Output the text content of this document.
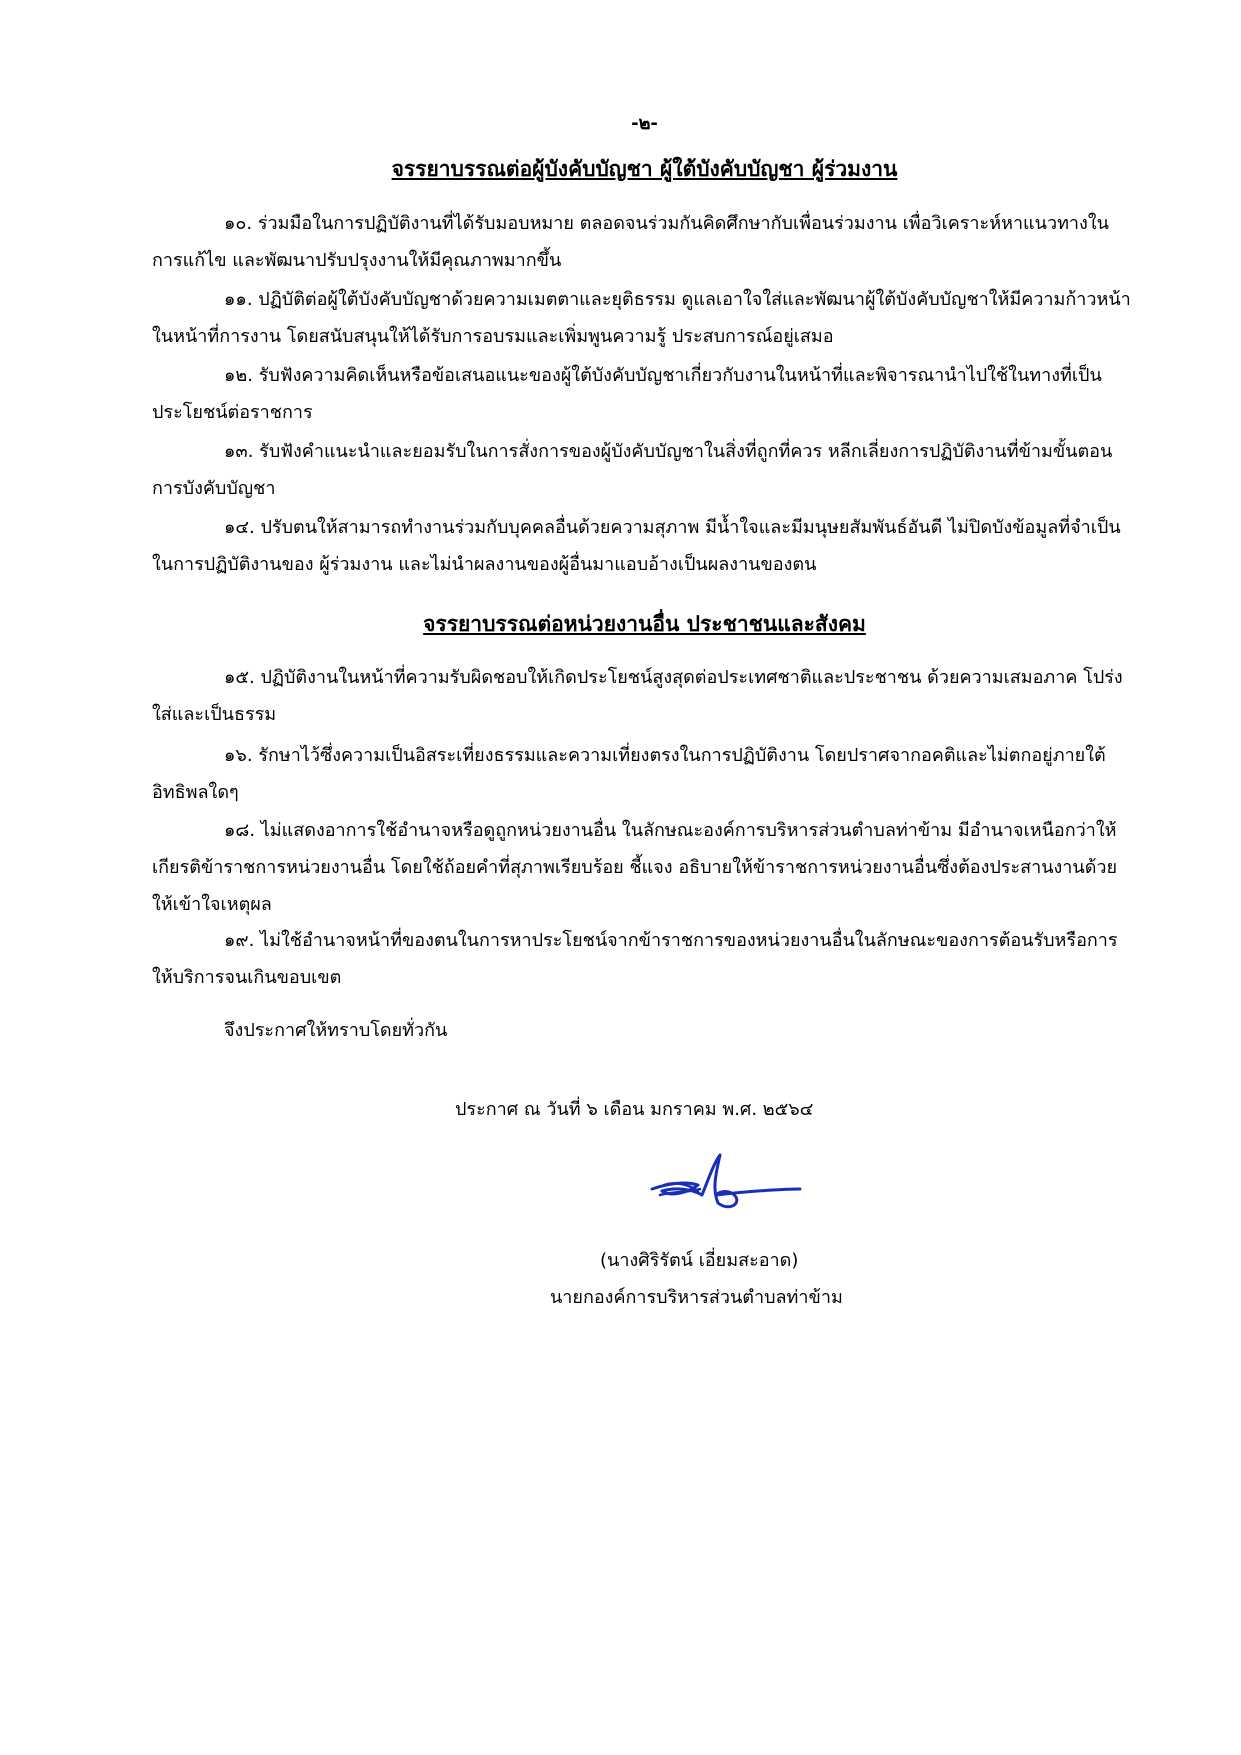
-๒-
จรรยาบรรณต่อผู้บังคับบัญชา ผู้ใต้บังคับบัญชา ผู้ร่วมงาน

๑๐. ร่วมมือในการปฏิบัติงานที่ได้รับมอบหมาย ตลอดจนร่วมกันคิดศึกษากับเพื่อนร่วมงาน เพื่อวิเคราะห์หาแนวทางในการแก้ไข และพัฒนาปรับปรุงงานให้มีคุณภาพมากขึ้น

๑๑. ปฏิบัติต่อผู้ใต้บังคับบัญชาด้วยความเมตตาและยุติธรรม ดูแลเอาใจใส่และพัฒนาผู้ใต้บังคับบัญชาให้มีความก้าวหน้าในหน้าที่การงาน โดยสนับสนุนให้ได้รับการอบรมและเพิ่มพูนความรู้ ประสบการณ์อยู่เสมอ

๑๒. รับฟังความคิดเห็นหรือข้อเสนอแนะของผู้ใต้บังคับบัญชาเกี่ยวกับงานในหน้าที่และพิจารณานำไปใช้ในทางที่เป็นประโยชน์ต่อราชการ

๑๓. รับฟังคำแนะนำและยอมรับในการสั่งการของผู้บังคับบัญชาในสิ่งที่ถูกที่ควร หลีกเลี่ยงการปฏิบัติงานที่ข้ามขั้นตอนการบังคับบัญชา

๑๔. ปรับตนให้สามารถทำงานร่วมกับบุคคลอื่นด้วยความสุภาพ มีน้ำใจและมีมนุษยสัมพันธ์อันดี ไม่ปิดบังข้อมูลที่จำเป็นในการปฏิบัติงานของ ผู้ร่วมงาน และไม่นำผลงานของผู้อื่นมาแอบอ้างเป็นผลงานของตน

จรรยาบรรณต่อหน่วยงานอื่น ประชาชนและสังคม

๑๕. ปฏิบัติงานในหน้าที่ความรับผิดชอบให้เกิดประโยชน์สูงสุดต่อประเทศชาติและประชาชน ด้วยความเสมอภาค โปร่งใส่และเป็นธรรม

๑๖. รักษาไว้ซึ่งความเป็นอิสระเที่ยงธรรมและความเที่ยงตรงในการปฏิบัติงาน โดยปราศจากอคติและไม่ตกอยู่ภายใต้อิทธิพลใดๆ

๑๘. ไม่แสดงอาการใช้อำนาจหรือดูถูกหน่วยงานอื่น ในลักษณะองค์การบริหารส่วนตำบลท่าข้าม มีอำนาจเหนือกว่าให้เกียรติข้าราชการหน่วยงานอื่น โดยใช้ถ้อยคำที่สุภาพเรียบร้อย ชี้แจง อธิบายให้ข้าราชการหน่วยงานอื่นซึ่งต้องประสานงานด้วยให้เข้าใจเหตุผล

๑๙. ไม่ใช้อำนาจหน้าที่ของตนในการหาประโยชน์จากข้าราชการของหน่วยงานอื่นในลักษณะของการต้อนรับหรือการให้บริการจนเกินขอบเขต

จึงประกาศให้ทราบโดยทั่วกัน
ประกาศ ณ วันที่ ๖ เดือน มกราคม พ.ศ. ๒๕๖๔
(นางศิริรัตน์ เอี่ยมสะอาด)
นายกองค์การบริหารส่วนตำบลท่าข้าม
